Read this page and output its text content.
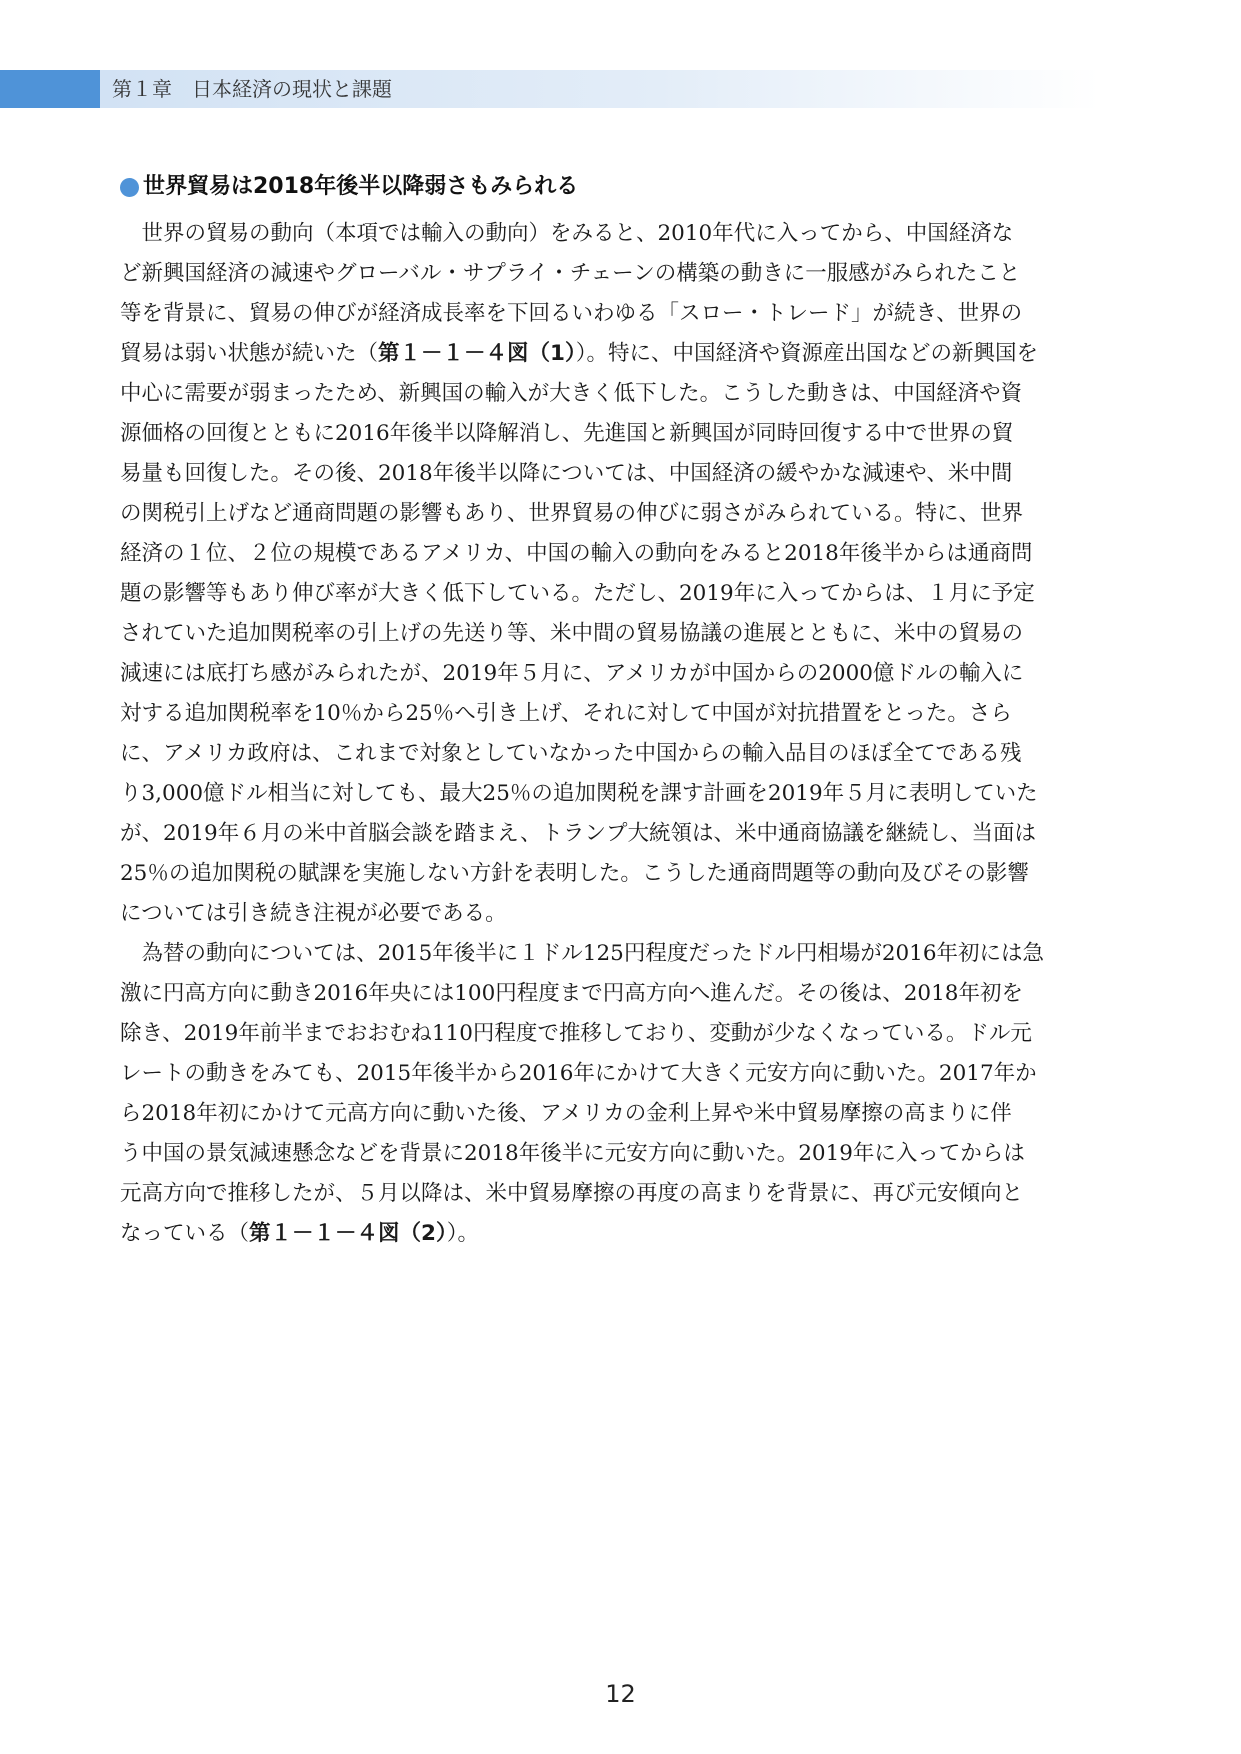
第１章　日本経済の現状と課題
世界貿易は2018年後半以降弱さもみられる
　世界の貿易の動向（本項では輸入の動向）をみると、2010年代に入ってから、中国経済な
ど新興国経済の減速やグローバル・サプライ・チェーンの構築の動きに一服感がみられたこと
等を背景に、貿易の伸びが経済成長率を下回るいわゆる「スロー・トレード」が続き、世界の
貿易は弱い状態が続いた（第１－１－４図（1））。特に、中国経済や資源産出国などの新興国を
中心に需要が弱まったため、新興国の輸入が大きく低下した。こうした動きは、中国経済や資
源価格の回復とともに2016年後半以降解消し、先進国と新興国が同時回復する中で世界の貿
易量も回復した。その後、2018年後半以降については、中国経済の緩やかな減速や、米中間
の関税引上げなど通商問題の影響もあり、世界貿易の伸びに弱さがみられている。特に、世界
経済の１位、２位の規模であるアメリカ、中国の輸入の動向をみると2018年後半からは通商問
題の影響等もあり伸び率が大きく低下している。ただし、2019年に入ってからは、１月に予定
されていた追加関税率の引上げの先送り等、米中間の貿易協議の進展とともに、米中の貿易の
減速には底打ち感がみられたが、2019年５月に、アメリカが中国からの2000億ドルの輸入に
対する追加関税率を10％から25％へ引き上げ、それに対して中国が対抗措置をとった。さら
に、アメリカ政府は、これまで対象としていなかった中国からの輸入品目のほぼ全てである残
り3,000億ドル相当に対しても、最大25％の追加関税を課す計画を2019年５月に表明していた
が、2019年６月の米中首脳会談を踏まえ、トランプ大統領は、米中通商協議を継続し、当面は
25％の追加関税の賦課を実施しない方針を表明した。こうした通商問題等の動向及びその影響
については引き続き注視が必要である。
　為替の動向については、2015年後半に１ドル125円程度だったドル円相場が2016年初には急
激に円高方向に動き2016年央には100円程度まで円高方向へ進んだ。その後は、2018年初を
除き、2019年前半までおおむね110円程度で推移しており、変動が少なくなっている。ドル元
レートの動きをみても、2015年後半から2016年にかけて大きく元安方向に動いた。2017年か
ら2018年初にかけて元高方向に動いた後、アメリカの金利上昇や米中貿易摩擦の高まりに伴
う中国の景気減速懸念などを背景に2018年後半に元安方向に動いた。2019年に入ってからは
元高方向で推移したが、５月以降は、米中貿易摩擦の再度の高まりを背景に、再び元安傾向と
なっている（第１－１－４図（2））。
12
